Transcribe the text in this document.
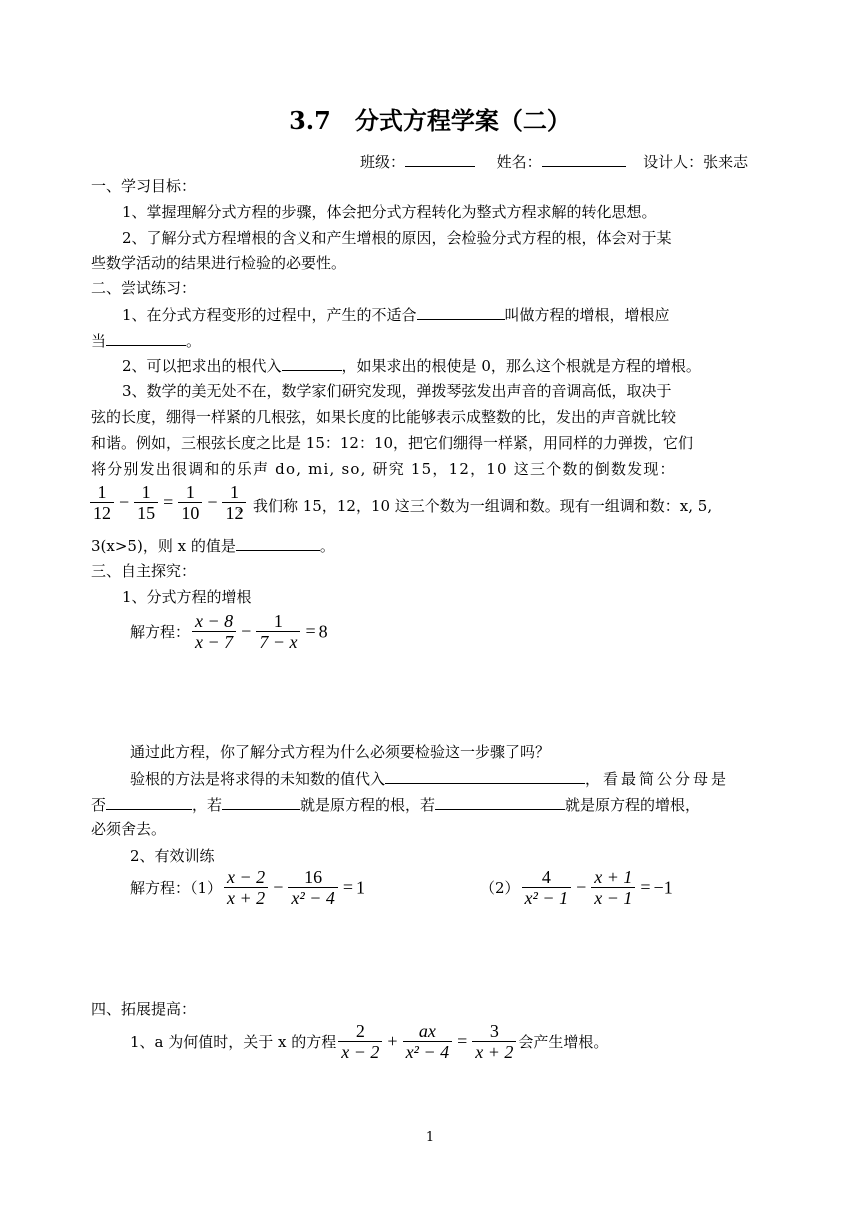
3.7　分式方程学案（二）
班级：	姓名：	设计人：张来志
一、学习目标：
1、掌握理解分式方程的步骤，体会把分式方程转化为整式方程求解的转化思想。
2、了解分式方程增根的含义和产生增根的原因，会检验分式方程的根，体会对于某
些数学活动的结果进行检验的必要性。
二、尝试练习：
1、在分式方程变形的过程中，产生的不适合	叫做方程的增根，增根应
当	。
2、可以把求出的根代入	，如果求出的根使是 0，那么这个根就是方程的增根。
3、数学的美无处不在，数学家们研究发现，弹拨琴弦发出声音的音调高低，取决于
弦的长度，绷得一样紧的几根弦，如果长度的比能够表示成整数的比，发出的声音就比较
和谐。例如，三根弦长度之比是 15：12：10，把它们绷得一样紧，用同样的力弹拨，它们
将分别发出很调和的乐声 do, mi, so, 研究 15，12，10 这三个数的倒数发现：
$\frac{1}{12} - \frac{1}{15} = \frac{1}{10} - \frac{1}{12}$
。我们称 15，12，10 这三个数为一组调和数。现有一组调和数：x, 5,
3(x>5)，则 x 的值是	。
三、自主探究：
1、分式方程的增根
解方程： $\frac{x - 8}{x - 7} - \frac{1}{7 - x} = 8$
通过此方程，你了解分式方程为什么必须要检验这一步骤了吗？
验根的方法是将求得的未知数的值代入	，看最简公分母是
否	，若	就是原方程的根，若	就是原方程的增根，
必须舍去。
2、有效训练
解方程：$(1) \frac{x - 2}{x + 2} - \frac{16}{\text{x² − 4}} = 1$	$(2) \frac{4}{\text{x² − 1}} - \frac{x + 1}{x - 1} = -1$
四、拓展提高：
1、a 为何值时，关于 x 的方程 $\frac{2}{x - 2} + \frac{ax}{\text{x² − 4}} = \frac{3}{x + 2}$ 会产生增根。
1
